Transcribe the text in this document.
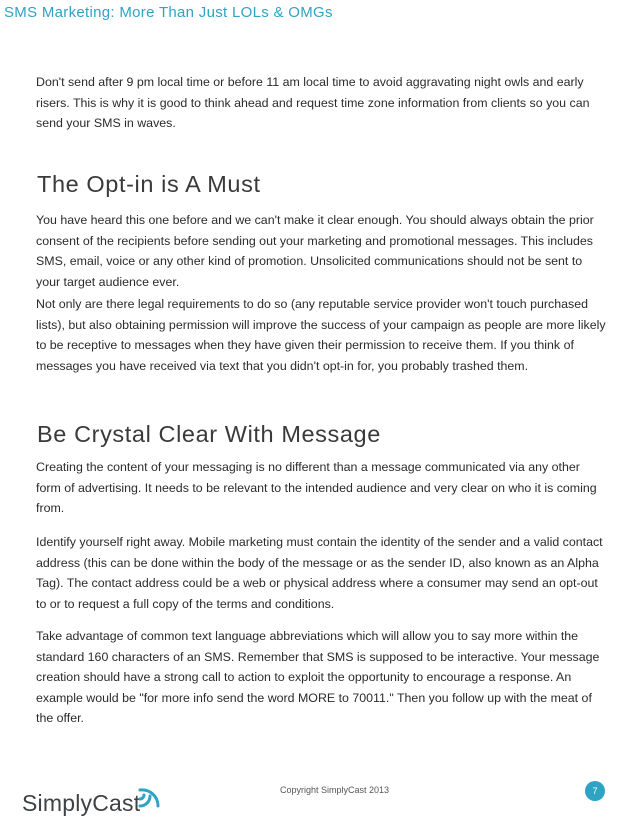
SMS Marketing: More Than Just LOLs & OMGs

Don't send after 9 pm local time or before 11 am local time to avoid aggravating night owls and early risers. This is why it is good to think ahead and request time zone information from clients so you can send your SMS in waves.

The Opt-in is A Must

You have heard this one before and we can't make it clear enough. You should always obtain the prior consent of the recipients before sending out your marketing and promotional messages. This includes SMS, email, voice or any other kind of promotion. Unsolicited communications should not be sent to your target audience ever.

Not only are there legal requirements to do so (any reputable service provider won't touch purchased lists), but also obtaining permission will improve the success of your campaign as people are more likely to be receptive to messages when they have given their permission to receive them. If you think of messages you have received via text that you didn't opt-in for, you probably trashed them.

Be Crystal Clear With Message

Creating the content of your messaging is no different than a message communicated via any other form of advertising. It needs to be relevant to the intended audience and very clear on who it is coming from.

Identify yourself right away. Mobile marketing must contain the identity of the sender and a valid contact address (this can be done within the body of the message or as the sender ID, also known as an Alpha Tag). The contact address could be a web or physical address where a consumer may send an opt-out to or to request a full copy of the terms and conditions.

Take advantage of common text language abbreviations which will allow you to say more within the standard 160 characters of an SMS. Remember that SMS is supposed to be interactive. Your message creation should have a strong call to action to exploit the opportunity to encourage a response. An example would be "for more info send the word MORE to 70011." Then you follow up with the meat of the offer.

SimplyCast	Copyright SimplyCast 2013	7
